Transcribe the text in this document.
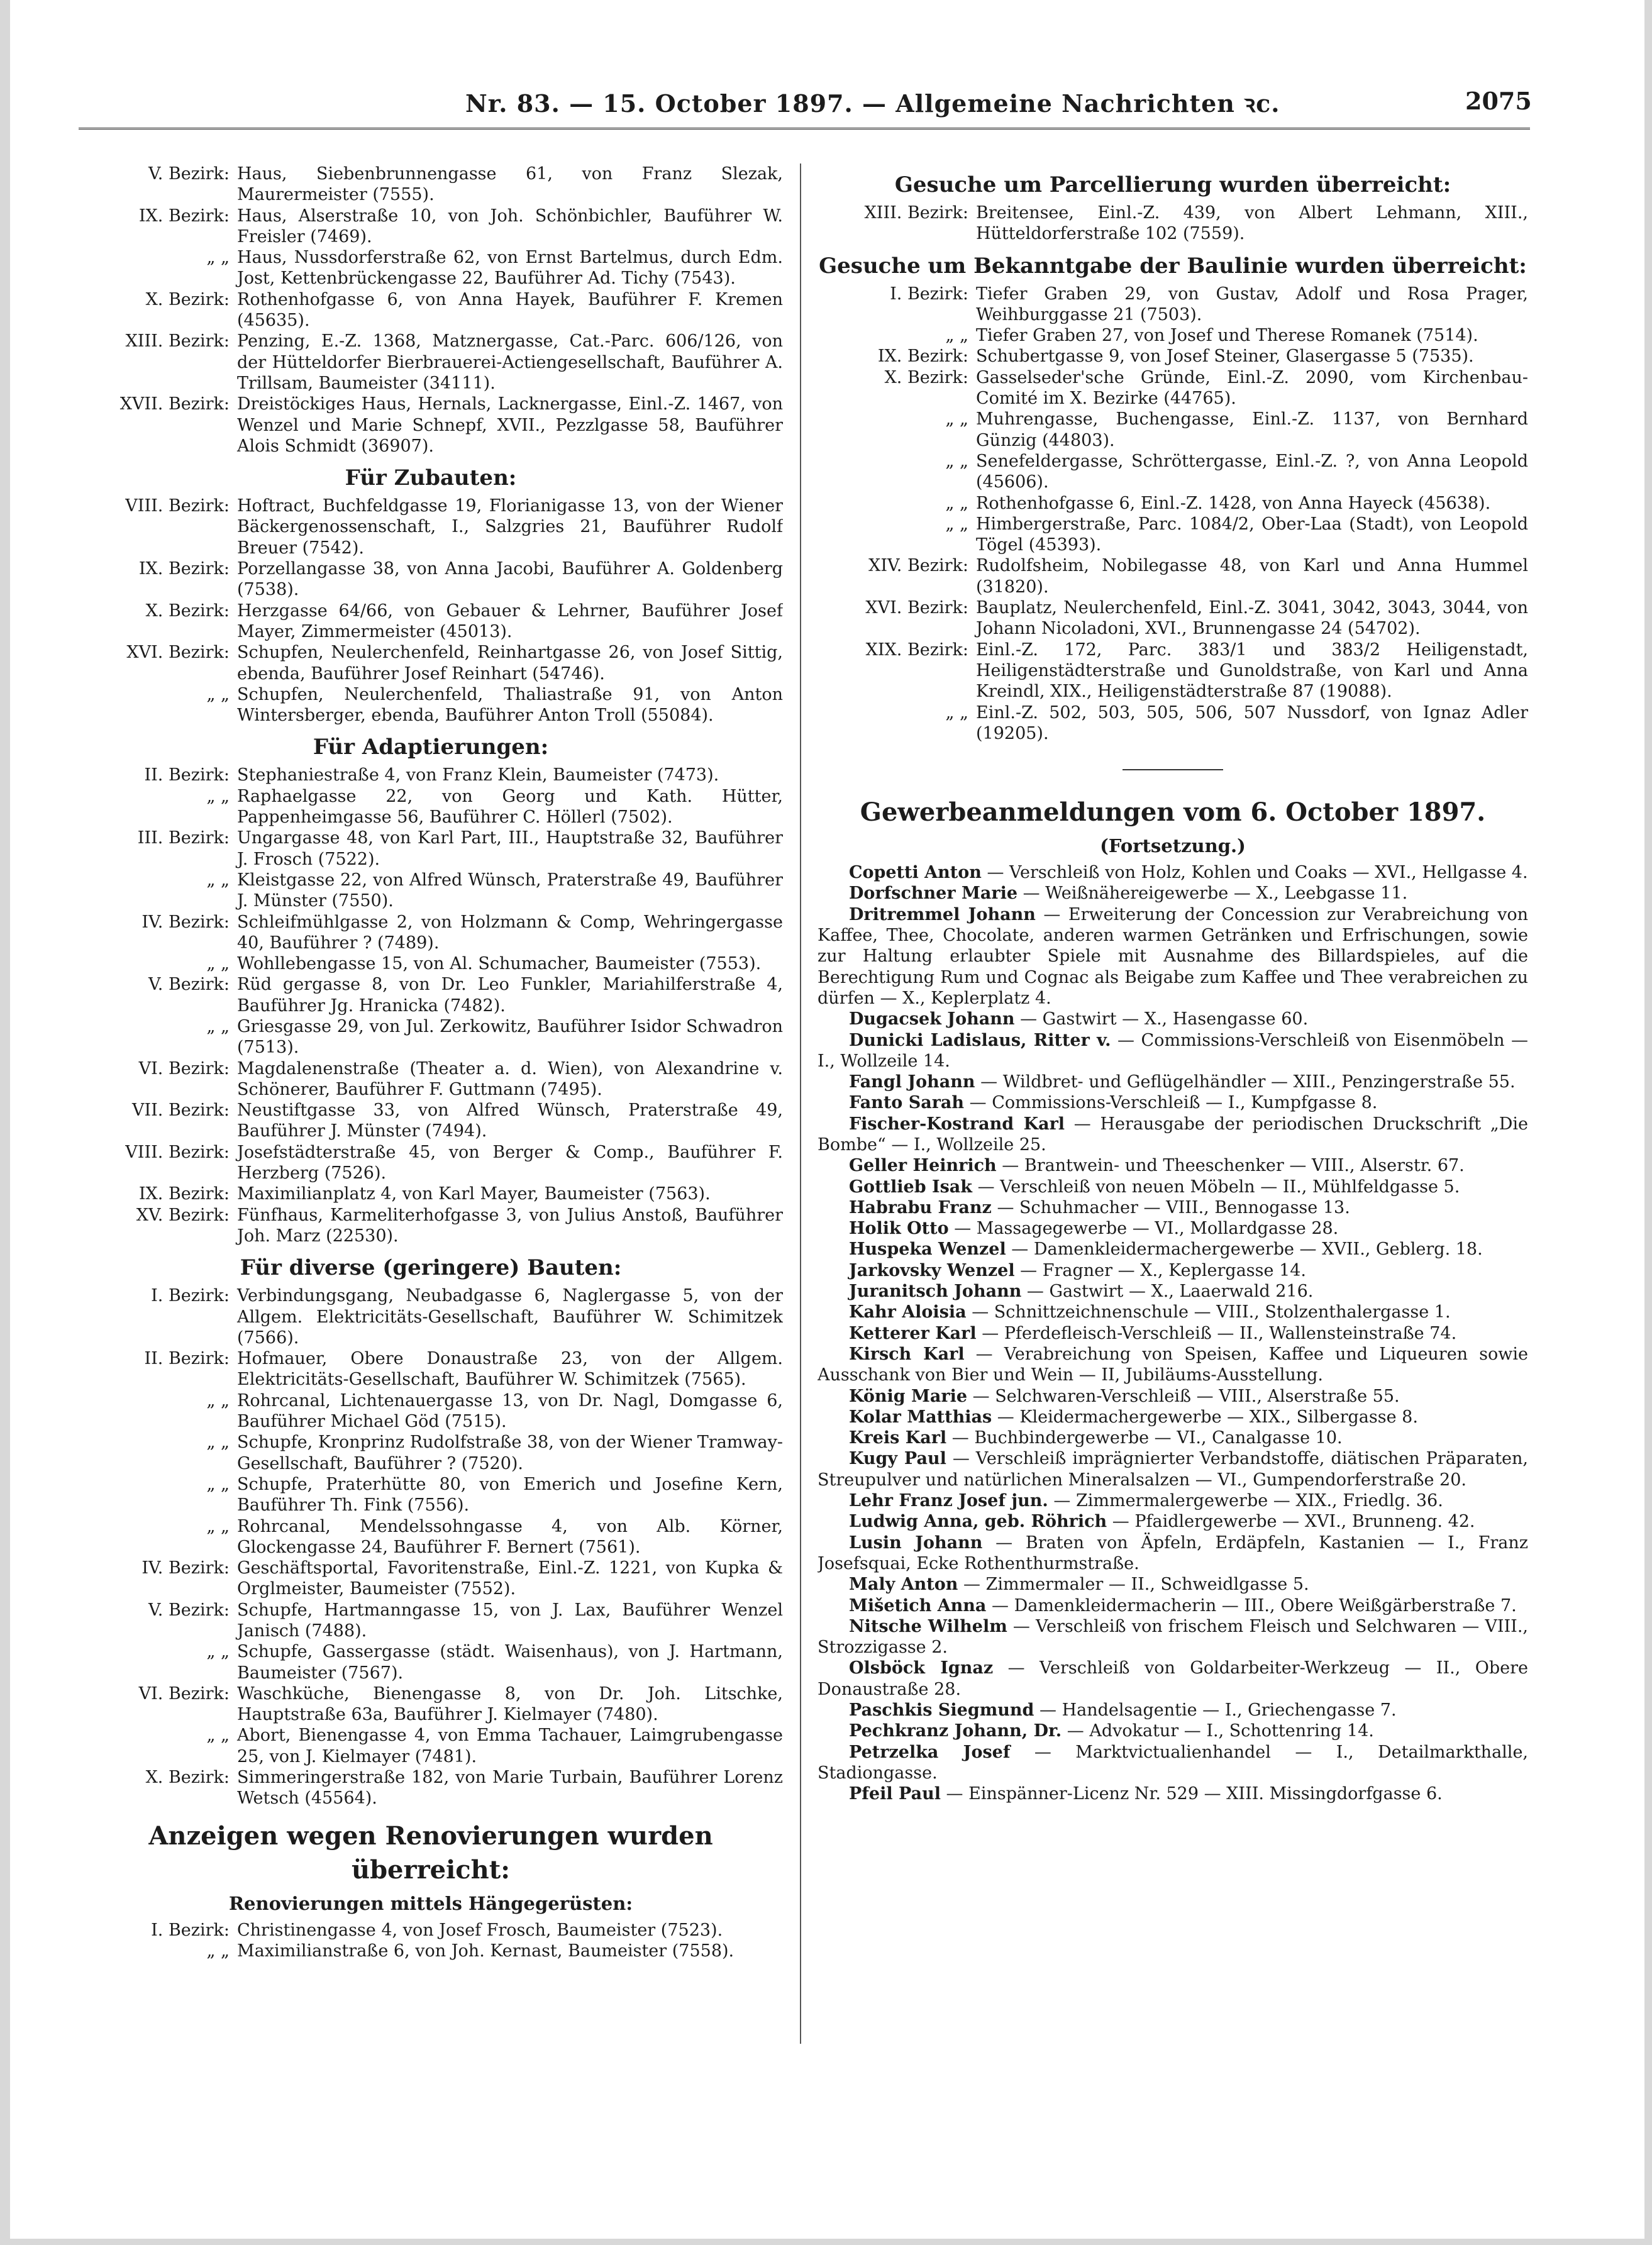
Nr. 83. — 15. October 1897. — Allgemeine Nachrichten ꝛc.	2075
V. Bezirk: Haus, Siebenbrunnengasse 61, von Franz Slezak, Maurermeister (7555).
IX. Bezirk: Haus, Alserstraße 10, von Joh. Schönbichler, Bauführer W. Freisler (7469).
„ „ Haus, Nussdorferstraße 62, von Ernst Bartelmus, durch Edm. Jost, Kettenbrückengasse 22, Bauführer Ad. Tichy (7543).
X. Bezirk: Rothenhofgasse 6, von Anna Hayek, Bauführer F. Kremen (45635).
XIII. Bezirk: Penzing, E.-Z. 1368, Matznergasse, Cat.-Parc. 606/126, von der Hütteldorfer Bierbrauerei-Actiengesellschaft, Bauführer A. Trillsam, Baumeister (34111).
XVII. Bezirk: Dreistöckiges Haus, Hernals, Lacknergasse, Einl.-Z. 1467, von Wenzel und Marie Schnepf, XVII., Pezzlgasse 58, Bauführer Alois Schmidt (36907).
Für Zubauten:
VIII. Bezirk: Hoftract, Buchfeldgasse 19, Florianigasse 13, von der Wiener Bäckergenossenschaft, I., Salzgries 21, Bauführer Rudolf Breuer (7542).
IX. Bezirk: Porzellangasse 38, von Anna Jacobi, Bauführer A. Goldenberg (7538).
X. Bezirk: Herzgasse 64/66, von Gebauer & Lehrner, Bauführer Josef Mayer, Zimmermeister (45013).
XVI. Bezirk: Schupfen, Neulerchenfeld, Reinhartgasse 26, von Josef Sittig, ebenda, Bauführer Josef Reinhart (54746).
„ „ Schupfen, Neulerchenfeld, Thaliastraße 91, von Anton Wintersberger, ebenda, Bauführer Anton Troll (55084).
Für Adaptierungen:
II. Bezirk: Stephaniestraße 4, von Franz Klein, Baumeister (7473).
„ „ Raphaelgasse 22, von Georg und Kath. Hütter, Pappenheimgasse 56, Bauführer C. Höllerl (7502).
III. Bezirk: Ungargasse 48, von Karl Part, III., Hauptstraße 32, Bauführer J. Frosch (7522).
„ „ Kleistgasse 22, von Alfred Wünsch, Praterstraße 49, Bauführer J. Münster (7550).
IV. Bezirk: Schleifmühlgasse 2, von Holzmann & Comp, Wehringergasse 40, Bauführer ? (7489).
„ „ Wohllebengasse 15, von Al. Schumacher, Baumeister (7553).
V. Bezirk: Rüd gergasse 8, von Dr. Leo Funkler, Mariahilferstraße 4, Bauführer Jg. Hranicka (7482).
„ „ Griesgasse 29, von Jul. Zerkowitz, Bauführer Isidor Schwadron (7513).
VI. Bezirk: Magdalenenstraße (Theater a. d. Wien), von Alexandrine v. Schönerer, Bauführer F. Guttmann (7495).
VII. Bezirk: Neustiftgasse 33, von Alfred Wünsch, Praterstraße 49, Bauführer J. Münster (7494).
VIII. Bezirk: Josefstädterstraße 45, von Berger & Comp., Bauführer F. Herzberg (7526).
IX. Bezirk: Maximilianplatz 4, von Karl Mayer, Baumeister (7563).
XV. Bezirk: Fünfhaus, Karmeliterhofgasse 3, von Julius Anstoß, Bauführer Joh. Marz (22530).
Für diverse (geringere) Bauten:
I. Bezirk: Verbindungsgang, Neubadgasse 6, Naglergasse 5, von der Allgem. Elektricitäts-Gesellschaft, Bauführer W. Schimitzek (7566).
II. Bezirk: Hofmauer, Obere Donaustraße 23, von der Allgem. Elektricitäts-Gesellschaft, Bauführer W. Schimitzek (7565).
„ „ Rohrcanal, Lichtenauergasse 13, von Dr. Nagl, Domgasse 6, Bauführer Michael Göd (7515).
„ „ Schupfe, Kronprinz Rudolfstraße 38, von der Wiener Tramway-Gesellschaft, Bauführer ? (7520).
„ „ Schupfe, Praterhütte 80, von Emerich und Josefine Kern, Bauführer Th. Fink (7556).
„ „ Rohrcanal, Mendelssohngasse 4, von Alb. Körner, Glockengasse 24, Bauführer F. Bernert (7561).
IV. Bezirk: Geschäftsportal, Favoritenstraße, Einl.-Z. 1221, von Kupka & Orglmeister, Baumeister (7552).
V. Bezirk: Schupfe, Hartmanngasse 15, von J. Lax, Bauführer Wenzel Janisch (7488).
„ „ Schupfe, Gassergasse (städt. Waisenhaus), von J. Hartmann, Baumeister (7567).
VI. Bezirk: Waschküche, Bienengasse 8, von Dr. Joh. Litschke, Hauptstraße 63a, Bauführer J. Kielmayer (7480).
„ „ Abort, Bienengasse 4, von Emma Tachauer, Laimgrubengasse 25, von J. Kielmayer (7481).
X. Bezirk: Simmeringerstraße 182, von Marie Turbain, Bauführer Lorenz Wetsch (45564).
Anzeigen wegen Renovierungen wurden überreicht:
Renovierungen mittels Hängegerüsten:
I. Bezirk: Christinengasse 4, von Josef Frosch, Baumeister (7523).
„ „ Maximilianstraße 6, von Joh. Kernast, Baumeister (7558).
Gesuche um Parcellierung wurden überreicht:
XIII. Bezirk: Breitensee, Einl.-Z. 439, von Albert Lehmann, XIII., Hütteldorferstraße 102 (7559).
Gesuche um Bekanntgabe der Baulinie wurden überreicht:
I. Bezirk: Tiefer Graben 29, von Gustav, Adolf und Rosa Prager, Weihburggasse 21 (7503).
„ „ Tiefer Graben 27, von Josef und Therese Romanek (7514).
IX. Bezirk: Schubertgasse 9, von Josef Steiner, Glasergasse 5 (7535).
X. Bezirk: Gasselseder'sche Gründe, Einl.-Z. 2090, vom Kirchenbau-Comité im X. Bezirke (44765).
„ „ Muhrengasse, Buchengasse, Einl.-Z. 1137, von Bernhard Günzig (44803).
„ „ Senefeldergasse, Schröttergasse, Einl.-Z. ?, von Anna Leopold (45606).
„ „ Rothenhofgasse 6, Einl.-Z. 1428, von Anna Hayeck (45638).
„ „ Himbergerstraße, Parc. 1084/2, Ober-Laa (Stadt), von Leopold Tögel (45393).
XIV. Bezirk: Rudolfsheim, Nobilegasse 48, von Karl und Anna Hummel (31820).
XVI. Bezirk: Bauplatz, Neulerchenfeld, Einl.-Z. 3041, 3042, 3043, 3044, von Johann Nicoladoni, XVI., Brunnengasse 24 (54702).
XIX. Bezirk: Einl.-Z. 172, Parc. 383/1 und 383/2 Heiligenstadt, Heiligenstädterstraße und Gunoldstraße, von Karl und Anna Kreindl, XIX., Heiligenstädterstraße 87 (19088).
„ „ Einl.-Z. 502, 503, 505, 506, 507 Nussdorf, von Ignaz Adler (19205).
Gewerbeanmeldungen vom 6. October 1897.
(Fortsetzung.)
Copetti Anton — Verschleiß von Holz, Kohlen und Coaks — XVI., Hellgasse 4.
Dorfschner Marie — Weißnähereigewerbe — X., Leebgasse 11.
Dritremmel Johann — Erweiterung der Concession zur Verabreichung von Kaffee, Thee, Chocolate, anderen warmen Getränken und Erfrischungen, sowie zur Haltung erlaubter Spiele mit Ausnahme des Billardspieles, auf die Berechtigung Rum und Cognac als Beigabe zum Kaffee und Thee verabreichen zu dürfen — X., Keplerplatz 4.
Dugacsek Johann — Gastwirt — X., Hasengasse 60.
Dunicki Ladislaus, Ritter v. — Commissions-Verschleiß von Eisenmöbeln — I., Wollzeile 14.
Fangl Johann — Wildbret- und Geflügelhändler — XIII., Penzingerstraße 55.
Fanto Sarah — Commissions-Verschleiß — I., Kumpfgasse 8.
Fischer-Kostrand Karl — Herausgabe der periodischen Druckschrift „Die Bombe“ — I., Wollzeile 25.
Geller Heinrich — Brantwein- und Theeschenker — VIII., Alserstr. 67.
Gottlieb Isak — Verschleiß von neuen Möbeln — II., Mühlfeldgasse 5.
Habrabu Franz — Schuhmacher — VIII., Bennogasse 13.
Holik Otto — Massagegewerbe — VI., Mollardgasse 28.
Huspeka Wenzel — Damenkleidermachergewerbe — XVII., Geblerg. 18.
Jarkovsky Wenzel — Fragner — X., Keplergasse 14.
Juranitsch Johann — Gastwirt — X., Laaerwald 216.
Kahr Aloisia — Schnittzeichnenschule — VIII., Stolzenthalergasse 1.
Ketterer Karl — Pferdefleisch-Verschleiß — II., Wallensteinstraße 74.
Kirsch Karl — Verabreichung von Speisen, Kaffee und Liqueuren sowie Ausschank von Bier und Wein — II, Jubiläums-Ausstellung.
König Marie — Selchwaren-Verschleiß — VIII., Alserstraße 55.
Kolar Matthias — Kleidermachergewerbe — XIX., Silbergasse 8.
Kreis Karl — Buchbindergewerbe — VI., Canalgasse 10.
Kugy Paul — Verschleiß imprägnierter Verbandstoffe, diätischen Präparaten, Streupulver und natürlichen Mineralsalzen — VI., Gumpendorferstraße 20.
Lehr Franz Josef jun. — Zimmermalergewerbe — XIX., Friedlg. 36.
Ludwig Anna, geb. Röhrich — Pfaidlergewerbe — XVI., Brunneng. 42.
Lusin Johann — Braten von Äpfeln, Erdäpfeln, Kastanien — I., Franz Josefsquai, Ecke Rothenthurmstraße.
Maly Anton — Zimmermaler — II., Schweidlgasse 5.
Mišetich Anna — Damenkleidermacherin — III., Obere Weißgärberstraße 7.
Nitsche Wilhelm — Verschleiß von frischem Fleisch und Selchwaren — VIII., Strozzigasse 2.
Olsböck Ignaz — Verschleiß von Goldarbeiter-Werkzeug — II., Obere Donaustraße 28.
Paschkis Siegmund — Handelsagentie — I., Griechengasse 7.
Pechkranz Johann, Dr. — Advokatur — I., Schottenring 14.
Petrzelka Josef — Marktvictualienhandel — I., Detailmarkthalle, Stadiongasse.
Pfeil Paul — Einspänner-Licenz Nr. 529 — XIII. Missingdorfgasse 6.
